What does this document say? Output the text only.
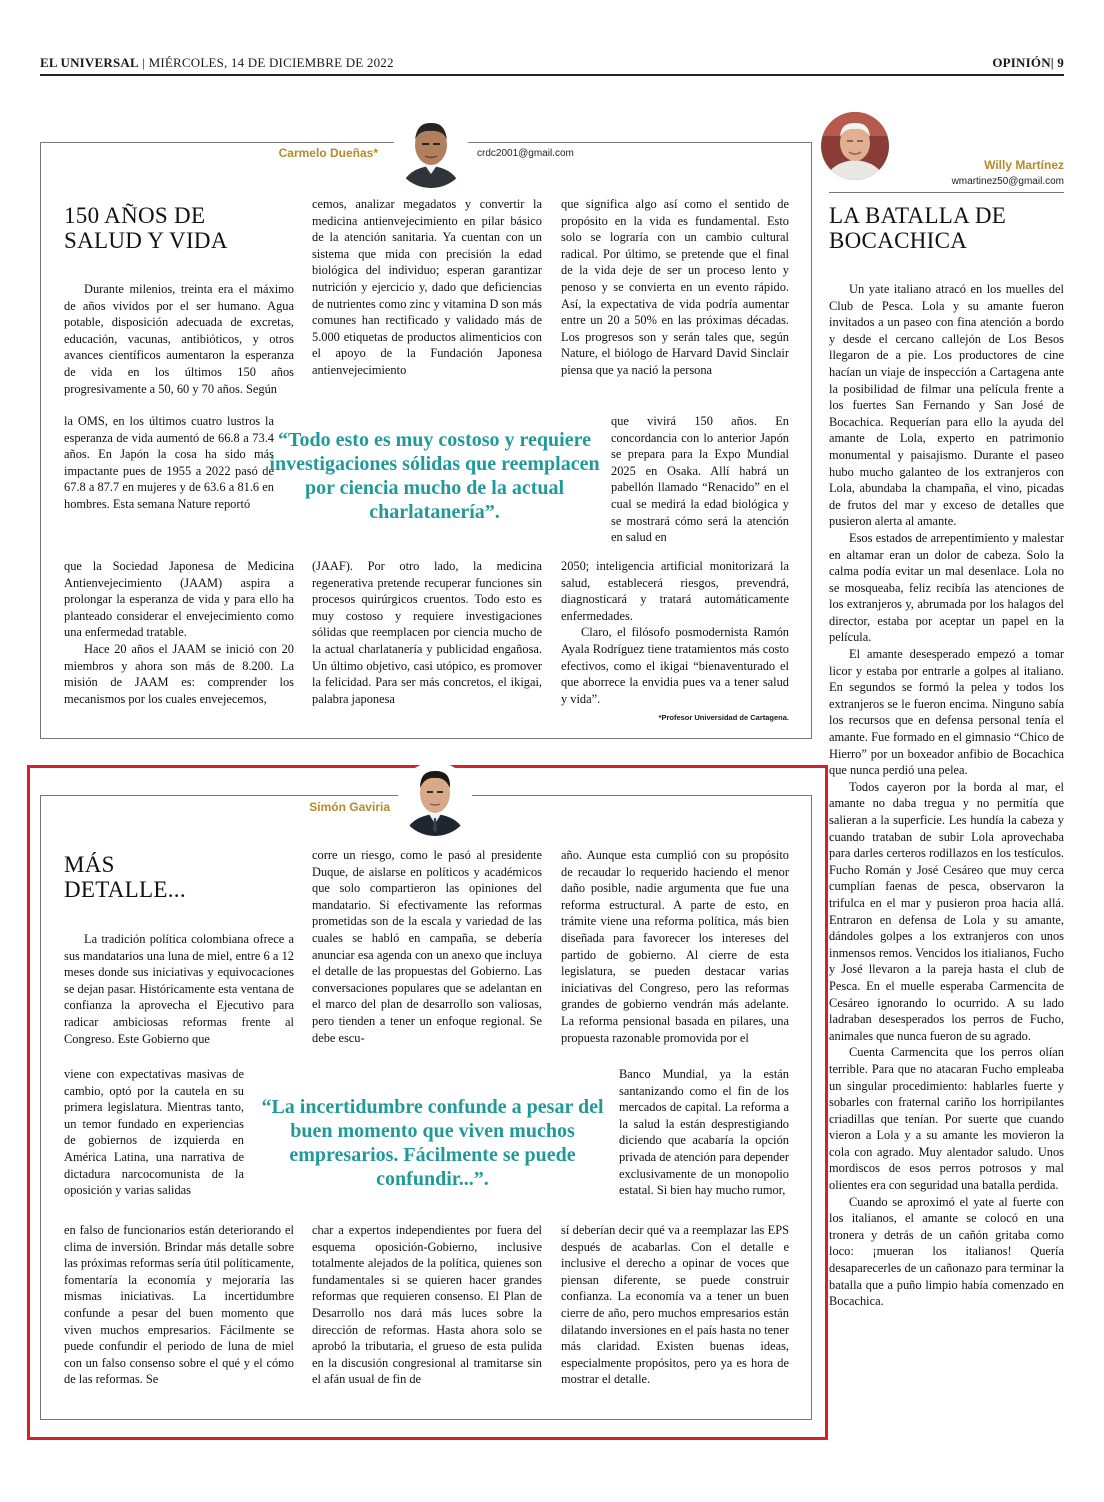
EL UNIVERSAL | MIÉRCOLES, 14 DE DICIEMBRE DE 2022	OPINIÓN| 9
Carmelo Dueñas*	crdc2001@gmail.com
150 AÑOS DE SALUD Y VIDA

Durante milenios, treinta era el máximo de años vividos por el ser humano. Agua potable, disposición adecuada de excretas, educación, vacunas, antibióticos, y otros avances científicos aumentaron la esperanza de vida en los últimos 150 años progresivamente a 50, 60 y 70 años. Según

la OMS, en los últimos cuatro lustros la esperanza de vida aumentó de 66.8 a 73.4 años. En Japón la cosa ha sido más impactante pues de 1955 a 2022 pasó de 67.8 a 87.7 en mujeres y de 63.6 a 81.6 en hombres. Esta semana Nature reportó

que la Sociedad Japonesa de Medicina Antienvejecimiento (JAAM) aspira a prolongar la esperanza de vida y para ello ha planteado considerar el envejecimiento como una enfermedad tratable.

Hace 20 años el JAAM se inició con 20 miembros y ahora son más de 8.200. La misión de JAAM es: comprender los mecanismos por los cuales envejecemos,

cemos, analizar megadatos y convertir la medicina antienvejecimiento en pilar básico de la atención sanitaria. Ya cuentan con un sistema que mida con precisión la edad biológica del individuo; esperan garantizar nutrición y ejercicio y, dado que deficiencias de nutrientes como zinc y vitamina D son más comunes han rectificado y validado más de 5.000 etiquetas de productos alimenticios con el apoyo de la Fundación Japonesa antienvejecimiento

(JAAF). Por otro lado, la medicina regenerativa pretende recuperar funciones sin procesos quirúrgicos cruentos. Todo esto es muy costoso y requiere investigaciones sólidas que reemplacen por ciencia mucho de la actual charlatanería y publicidad engañosa. Un último objetivo, casi utópico, es promover la felicidad. Para ser más concretos, el ikigai, palabra japonesa

que significa algo así como el sentido de propósito en la vida es fundamental. Esto solo se lograría con un cambio cultural radical. Por último, se pretende que el final de la vida deje de ser un proceso lento y penoso y se convierta en un evento rápido. Así, la expectativa de vida podría aumentar entre un 20 a 50% en las próximas décadas. Los progresos son y serán tales que, según Nature, el biólogo de Harvard David Sinclair piensa que ya nació la persona

que vivirá 150 años. En concordancia con lo anterior Japón se prepara para la Expo Mundial 2025 en Osaka. Allí habrá un pabellón llamado “Renacido” en el cual se medirá la edad biológica y se mostrará cómo será la atención en salud en

2050; inteligencia artificial monitorizará la salud, establecerá riesgos, prevendrá, diagnosticará y tratará automáticamente enfermedades.

Claro, el filósofo posmodernista Ramón Ayala Rodríguez tiene tratamientos más costo efectivos, como el ikigai “bienaventurado el que aborrece la envidia pues va a tener salud y vida”.

*Profesor Universidad de Cartagena.
“Todo esto es muy costoso y requiere investigaciones sólidas que reemplacen por ciencia mucho de la actual charlatanería”.
Simón Gaviria
MÁS DETALLE...

La tradición política colombiana ofrece a sus mandatarios una luna de miel, entre 6 a 12 meses donde sus iniciativas y equivocaciones se dejan pasar. Históricamente esta ventana de confianza la aprovecha el Ejecutivo para radicar ambiciosas reformas frente al Congreso. Este Gobierno que

viene con expectativas masivas de cambio, optó por la cautela en su primera legislatura. Mientras tanto, un temor fundado en experiencias de gobiernos de izquierda en América Latina, una narrativa de dictadura narcocomunista de la oposición y varias salidas

en falso de funcionarios están deteriorando el clima de inversión. Brindar más detalle sobre las próximas reformas sería útil políticamente, fomentaría la economía y mejoraría las mismas iniciativas. La incertidumbre confunde a pesar del buen momento que viven muchos empresarios. Fácilmente se puede confundir el periodo de luna de miel con un falso consenso sobre el qué y el cómo de las reformas. Se

corre un riesgo, como le pasó al presidente Duque, de aislarse en políticos y académicos que solo compartieron las opiniones del mandatario. Si efectivamente las reformas prometidas son de la escala y variedad de las cuales se habló en campaña, se debería anunciar esa agenda con un anexo que incluya el detalle de las propuestas del Gobierno. Las conversaciones populares que se adelantan en el marco del plan de desarrollo son valiosas, pero tienden a tener un enfoque regional. Se debe escu-

char a expertos independientes por fuera del esquema oposición-Gobierno, inclusive totalmente alejados de la política, quienes son fundamentales si se quieren hacer grandes reformas que requieren consenso. El Plan de Desarrollo nos dará más luces sobre la dirección de reformas. Hasta ahora solo se aprobó la tributaria, el grueso de esta pulida en la discusión congresional al tramitarse sin el afán usual de fin de

año. Aunque esta cumplió con su propósito de recaudar lo requerido haciendo el menor daño posible, nadie argumenta que fue una reforma estructural. A parte de esto, en trámite viene una reforma política, más bien diseñada para favorecer los intereses del partido de gobierno. Al cierre de esta legislatura, se pueden destacar varias iniciativas del Congreso, pero las reformas grandes de gobierno vendrán más adelante. La reforma pensional basada en pilares, una propuesta razonable promovida por el

Banco Mundial, ya la están santanizando como el fin de los mercados de capital. La reforma a la salud la están desprestigiando diciendo que acabaría la opción privada de atención para depender exclusivamente de un monopolio estatal. Si bien hay mucho rumor,

sí deberían decir qué va a reemplazar las EPS después de acabarlas. Con el detalle e inclusive el derecho a opinar de voces que piensan diferente, se puede construir confianza. La economía va a tener un buen cierre de año, pero muchos empresarios están dilatando inversiones en el país hasta no tener más claridad. Existen buenas ideas, especialmente propósitos, pero ya es hora de mostrar el detalle.

“La incertidumbre confunde a pesar del buen momento que viven muchos empresarios. Fácilmente se puede confundir...”.
Willy Martínez
wmartinez50@gmail.com
LA BATALLA DE BOCACHICA

Un yate italiano atracó en los muelles del Club de Pesca. Lola y su amante fueron invitados a un paseo con fina atención a bordo y desde el cercano callejón de Los Besos llegaron de a pie. Los productores de cine hacían un viaje de inspección a Cartagena ante la posibilidad de filmar una película frente a los fuertes San Fernando y San José de Bocachica. Requerían para ello la ayuda del amante de Lola, experto en patrimonio monumental y paisajismo. Durante el paseo hubo mucho galanteo de los extranjeros con Lola, abundaba la champaña, el vino, picadas de frutos del mar y exceso de detalles que pusieron alerta al amante.

Esos estados de arrepentimiento y malestar en altamar eran un dolor de cabeza. Solo la calma podía evitar un mal desenlace. Lola no se mosqueaba, feliz recibía las atenciones de los extranjeros y, abrumada por los halagos del director, estaba por aceptar un papel en la película.

El amante desesperado empezó a tomar licor y estaba por entrarle a golpes al italiano. En segundos se formó la pelea y todos los extranjeros se le fueron encima. Ninguno sabía los recursos que en defensa personal tenía el amante. Fue formado en el gimnasio “Chico de Hierro” por un boxeador anfibio de Bocachica que nunca perdió una pelea.

Todos cayeron por la borda al mar, el amante no daba tregua y no permitía que salieran a la superficie. Les hundía la cabeza y cuando trataban de subir Lola aprovechaba para darles certeros rodillazos en los testículos. Fucho Román y José Cesáreo que muy cerca cumplían faenas de pesca, observaron la trifulca en el mar y pusieron proa hacia allá. Entraron en defensa de Lola y su amante, dándoles golpes a los extranjeros con unos inmensos remos. Vencidos los itialianos, Fucho y José llevaron a la pareja hasta el club de Pesca. En el muelle esperaba Carmencita de Cesáreo ignorando lo ocurrido. A su lado ladraban desesperados los perros de Fucho, animales que nunca fueron de su agrado.

Cuenta Carmencita que los perros olían terrible. Para que no atacaran Fucho empleaba un singular procedimiento: hablarles fuerte y sobarles con fraternal cariño los horripilantes criadillas que tenían. Por suerte que cuando vieron a Lola y a su amante les movieron la cola con agrado. Muy alentador saludo. Unos mordiscos de esos perros potrosos y mal olientes era con seguridad una batalla perdida.

Cuando se aproximó el yate al fuerte con los italianos, el amante se colocó en una tronera y detrás de un cañón gritaba como loco: ¡mueran los italianos! Quería desaparecerles de un cañonazo para terminar la batalla que a puño limpio había comenzado en Bocachica.
